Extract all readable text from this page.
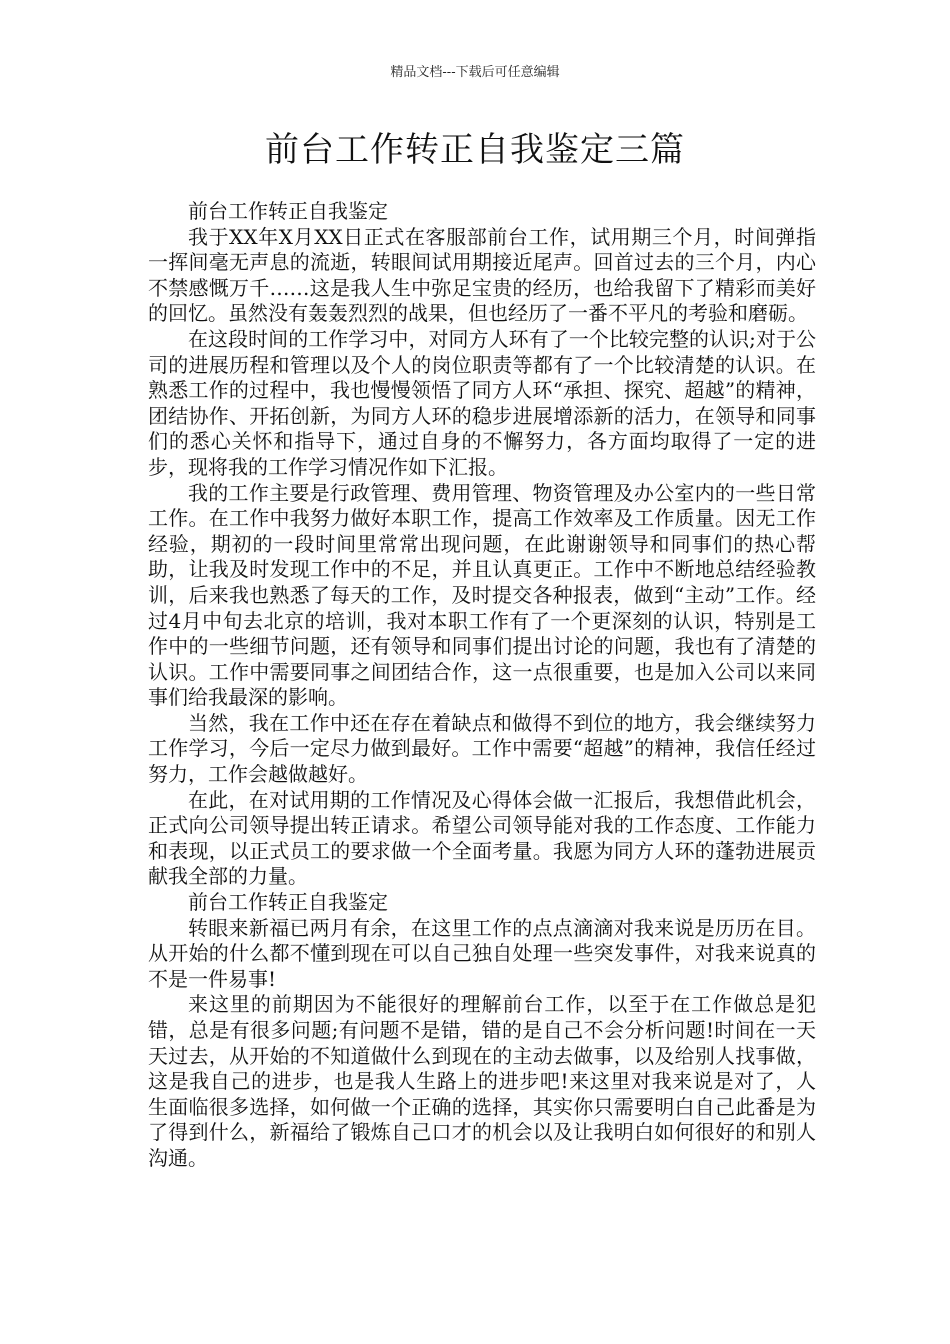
精品文档---下载后可任意编辑
前台工作转正自我鉴定三篇

前台工作转正自我鉴定

我于XX年X月XX日正式在客服部前台工作，试用期三个月，时间弹指一挥间毫无声息的流逝，转眼间试用期接近尾声。回首过去的三个月，内心不禁感慨万千……这是我人生中弥足宝贵的经历，也给我留下了精彩而美好的回忆。虽然没有轰轰烈烈的战果，但也经历了一番不平凡的考验和磨砺。

在这段时间的工作学习中，对同方人环有了一个比较完整的认识;对于公司的进展历程和管理以及个人的岗位职责等都有了一个比较清楚的认识。在熟悉工作的过程中，我也慢慢领悟了同方人环“承担、探究、超越”的精神，团结协作、开拓创新，为同方人环的稳步进展增添新的活力，在领导和同事们的悉心关怀和指导下，通过自身的不懈努力，各方面均取得了一定的进步，现将我的工作学习情况作如下汇报。

我的工作主要是行政管理、费用管理、物资管理及办公室内的一些日常工作。在工作中我努力做好本职工作，提高工作效率及工作质量。因无工作经验，期初的一段时间里常常出现问题，在此谢谢领导和同事们的热心帮助，让我及时发现工作中的不足，并且认真更正。工作中不断地总结经验教训，后来我也熟悉了每天的工作，及时提交各种报表，做到“主动”工作。经过4月中旬去北京的培训，我对本职工作有了一个更深刻的认识，特别是工作中的一些细节问题，还有领导和同事们提出讨论的问题，我也有了清楚的认识。工作中需要同事之间团结合作，这一点很重要，也是加入公司以来同事们给我最深的影响。

当然，我在工作中还在存在着缺点和做得不到位的地方，我会继续努力工作学习，今后一定尽力做到最好。工作中需要“超越”的精神，我信任经过努力，工作会越做越好。

在此，在对试用期的工作情况及心得体会做一汇报后，我想借此机会，正式向公司领导提出转正请求。希望公司领导能对我的工作态度、工作能力和表现，以正式员工的要求做一个全面考量。我愿为同方人环的蓬勃进展贡献我全部的力量。

前台工作转正自我鉴定

转眼来新福已两月有余，在这里工作的点点滴滴对我来说是历历在目。从开始的什么都不懂到现在可以自己独自处理一些突发事件，对我来说真的不是一件易事!

来这里的前期因为不能很好的理解前台工作，以至于在工作做总是犯错，总是有很多问题;有问题不是错，错的是自己不会分析问题!时间在一天天过去，从开始的不知道做什么到现在的主动去做事，以及给别人找事做，这是我自己的进步，也是我人生路上的进步吧!来这里对我来说是对了，人生面临很多选择，如何做一个正确的选择，其实你只需要明白自己此番是为了得到什么，新福给了锻炼自己口才的机会以及让我明白如何很好的和别人沟通。
